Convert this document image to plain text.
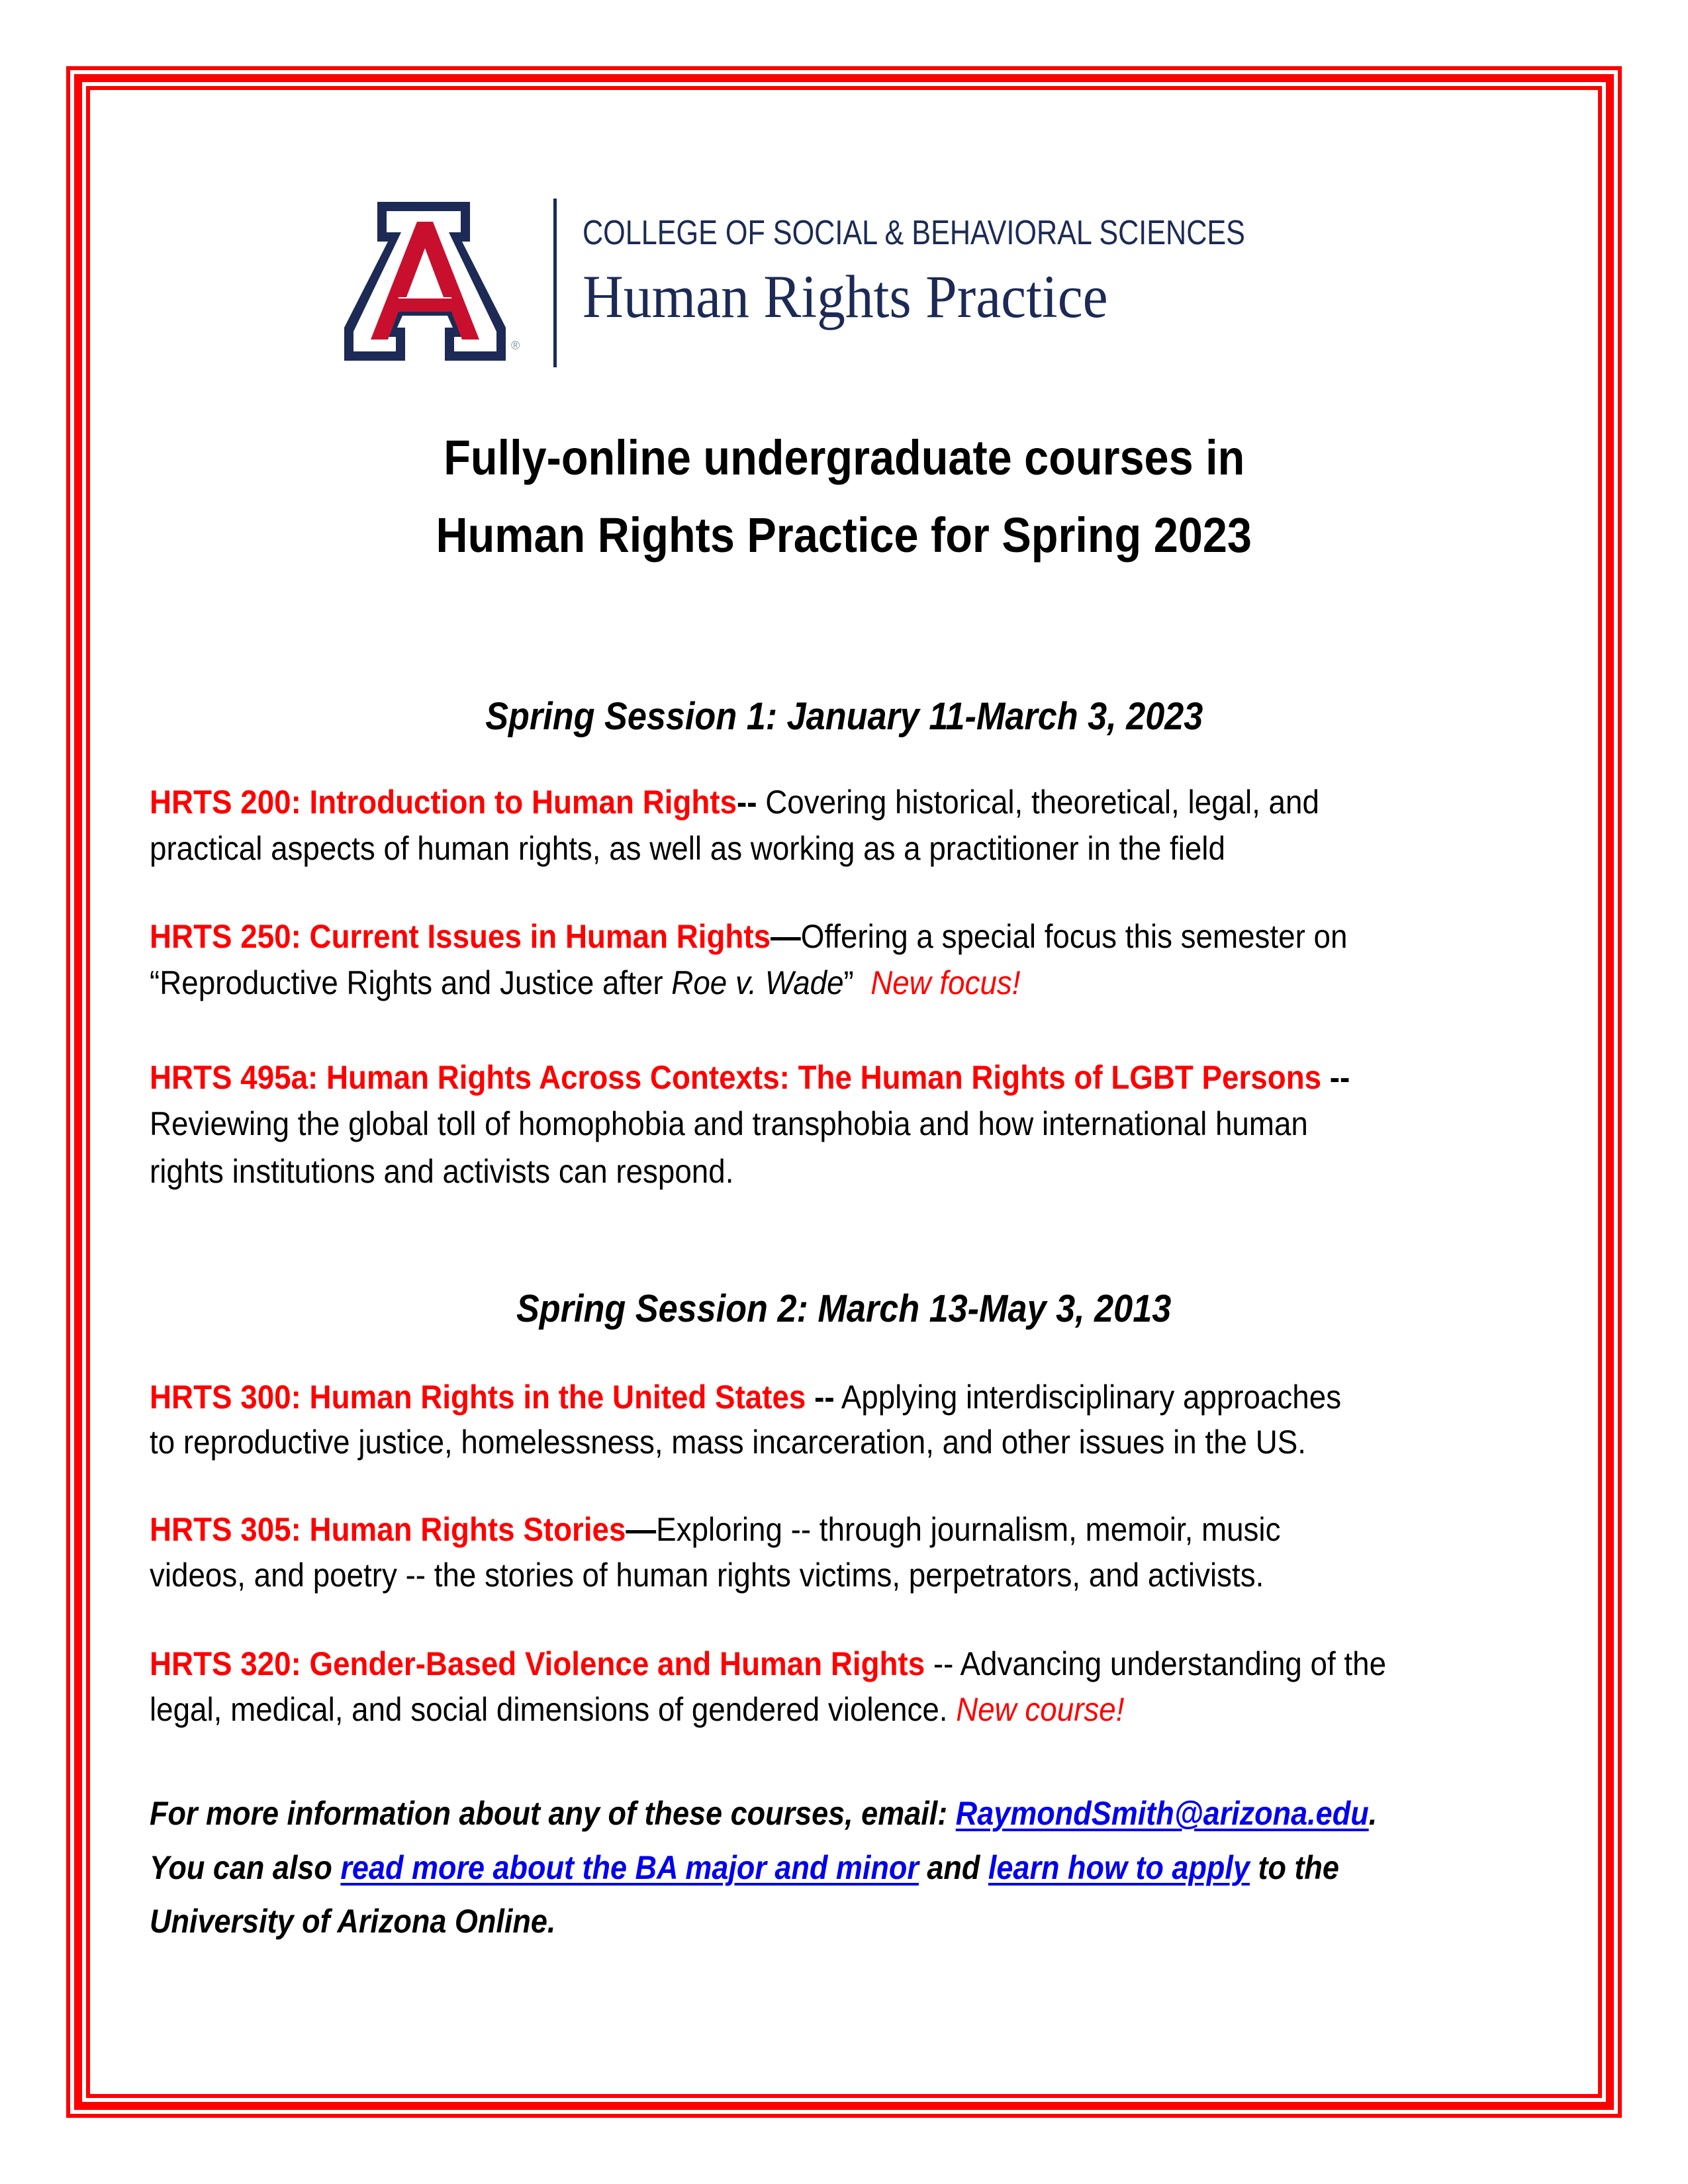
®
COLLEGE OF SOCIAL & BEHAVIORAL SCIENCES
Human Rights Practice
Fully-online undergraduate courses in
Human Rights Practice for Spring 2023
Spring Session 1: January 11-March 3, 2023
HRTS 200: Introduction to Human Rights-- Covering historical, theoretical, legal, and
practical aspects of human rights, as well as working as a practitioner in the field
HRTS 250: Current Issues in Human Rights—Offering a special focus this semester on
“Reproductive Rights and Justice after Roe v. Wade”  New focus!
HRTS 495a: Human Rights Across Contexts: The Human Rights of LGBT Persons --
Reviewing the global toll of homophobia and transphobia and how international human
rights institutions and activists can respond.
Spring Session 2: March 13-May 3, 2013
HRTS 300: Human Rights in the United States -- Applying interdisciplinary approaches
to reproductive justice, homelessness, mass incarceration, and other issues in the US.
HRTS 305: Human Rights Stories—Exploring -- through journalism, memoir, music
videos, and poetry -- the stories of human rights victims, perpetrators, and activists.
HRTS 320: Gender-Based Violence and Human Rights -- Advancing understanding of the
legal, medical, and social dimensions of gendered violence. New course!
For more information about any of these courses, email: RaymondSmith@arizona.edu.
You can also read more about the BA major and minor and learn how to apply to the
University of Arizona Online.
